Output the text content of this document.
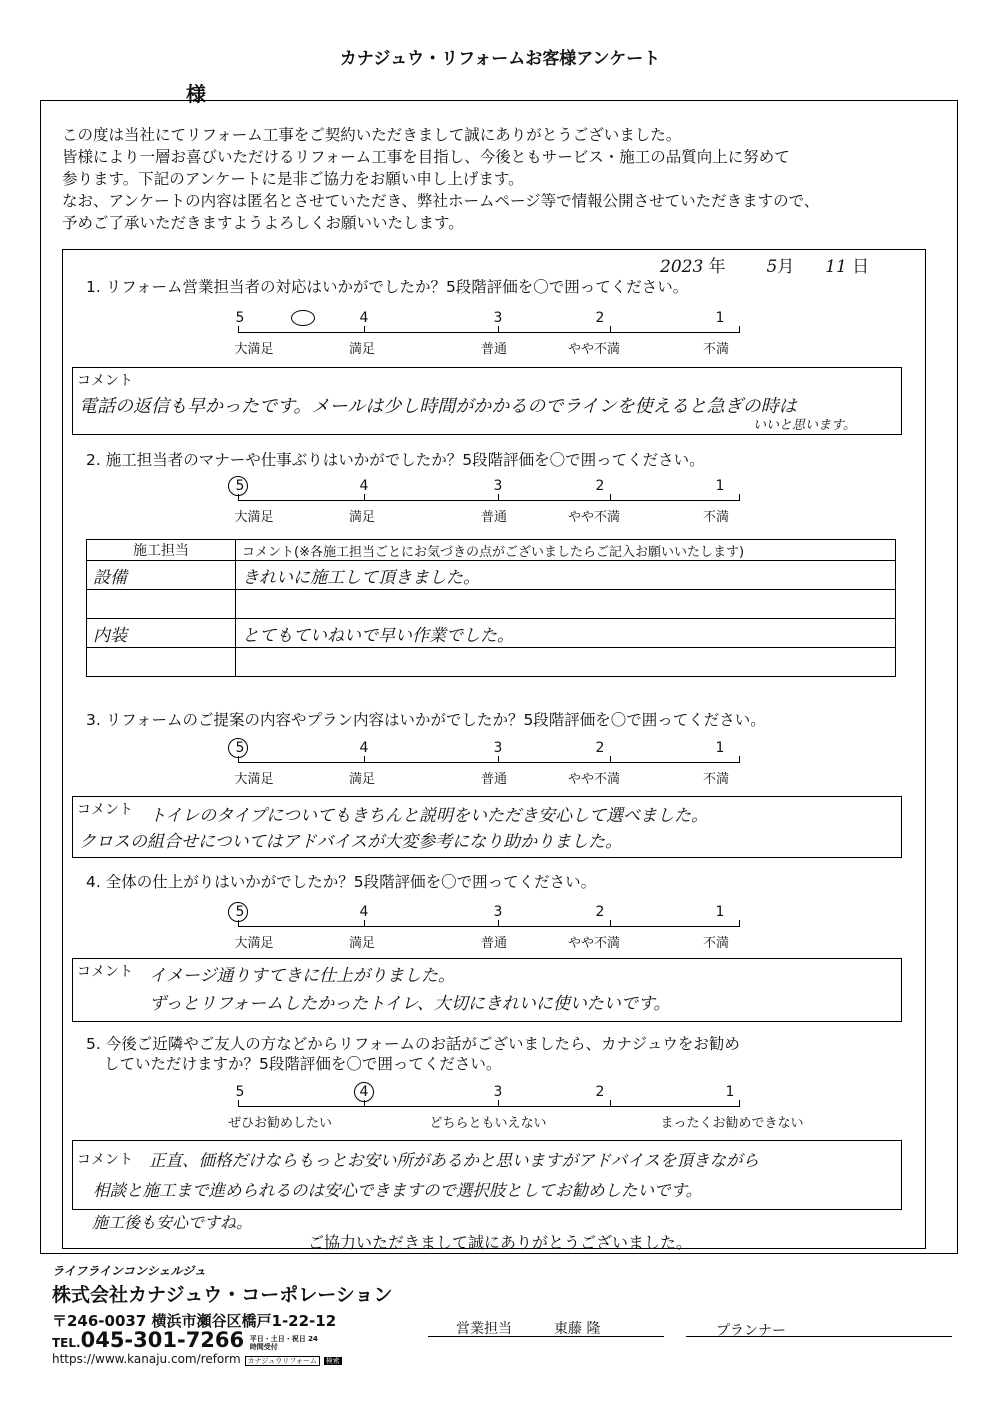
カナジュウ・リフォームお客様アンケート
様
この度は当社にてリフォーム工事をご契約いただきまして誠にありがとうございました。
皆様により一層お喜びいただけるリフォーム工事を目指し、今後ともサービス・施工の品質向上に努めて
参ります。下記のアンケートに是非ご協力をお願い申し上げます。
なお、アンケートの内容は匿名とさせていただき、弊社ホームページ等で情報公開させていただきますので、
予めご了承いただきますようよろしくお願いいたします。
2023 年 5月 11 日
1. リフォーム営業担当者の対応はいかがでしたか？5段階評価を〇で囲ってください。
5	4	3	2	1
大満足	満足	普通	やや不満	不満
コメント
電話の返信も早かったです。メールは少し時間がかかるのでラインを使えると急ぎの時は
いいと思います。
2. 施工担当者のマナーや仕事ぶりはいかがでしたか？5段階評価を〇で囲ってください。
5	4	3	2	1
大満足	満足	普通	やや不満	不満
施工担当	コメント(※各施工担当ごとにお気づきの点がございましたらご記入お願いいたします)
設備	きれいに施工して頂きました。

内装	とてもていねいで早い作業でした。

3. リフォームのご提案の内容やプラン内容はいかがでしたか？5段階評価を〇で囲ってください。
5	4	3	2	1
大満足	満足	普通	やや不満	不満
コメント トイレのタイプについてもきちんと説明をいただき安心して選べました。
クロスの組合せについてはアドバイスが大変参考になり助かりました。
4. 全体の仕上がりはいかがでしたか？5段階評価を〇で囲ってください。
5	4	3	2	1
大満足	満足	普通	やや不満	不満
コメント イメージ通りすてきに仕上がりました。
ずっとリフォームしたかったトイレ、大切にきれいに使いたいです。
5. 今後ご近隣やご友人の方などからリフォームのお話がございましたら、カナジュウをお勧め
していただけますか？5段階評価を〇で囲ってください。
5	4	3	2	1
ぜひお勧めしたい	どちらともいえない	まったくお勧めできない
コメント 正直、価格だけならもっとお安い所があるかと思いますがアドバイスを頂きながら
相談と施工まで進められるのは安心できますので選択肢としてお勧めしたいです。
施工後も安心ですね。
ご協力いただきまして誠にありがとうございました。
ライフラインコンシェルジュ
株式会社カナジュウ・コーポレーション
〒246-0037 横浜市瀬谷区橋戸1-22-12
TEL.045-301-7266 平日・土日・祝日 24時間受付
https://www.kanaju.com/reform カナジュウリフォーム 検索
営業担当	東藤 隆	プランナー
